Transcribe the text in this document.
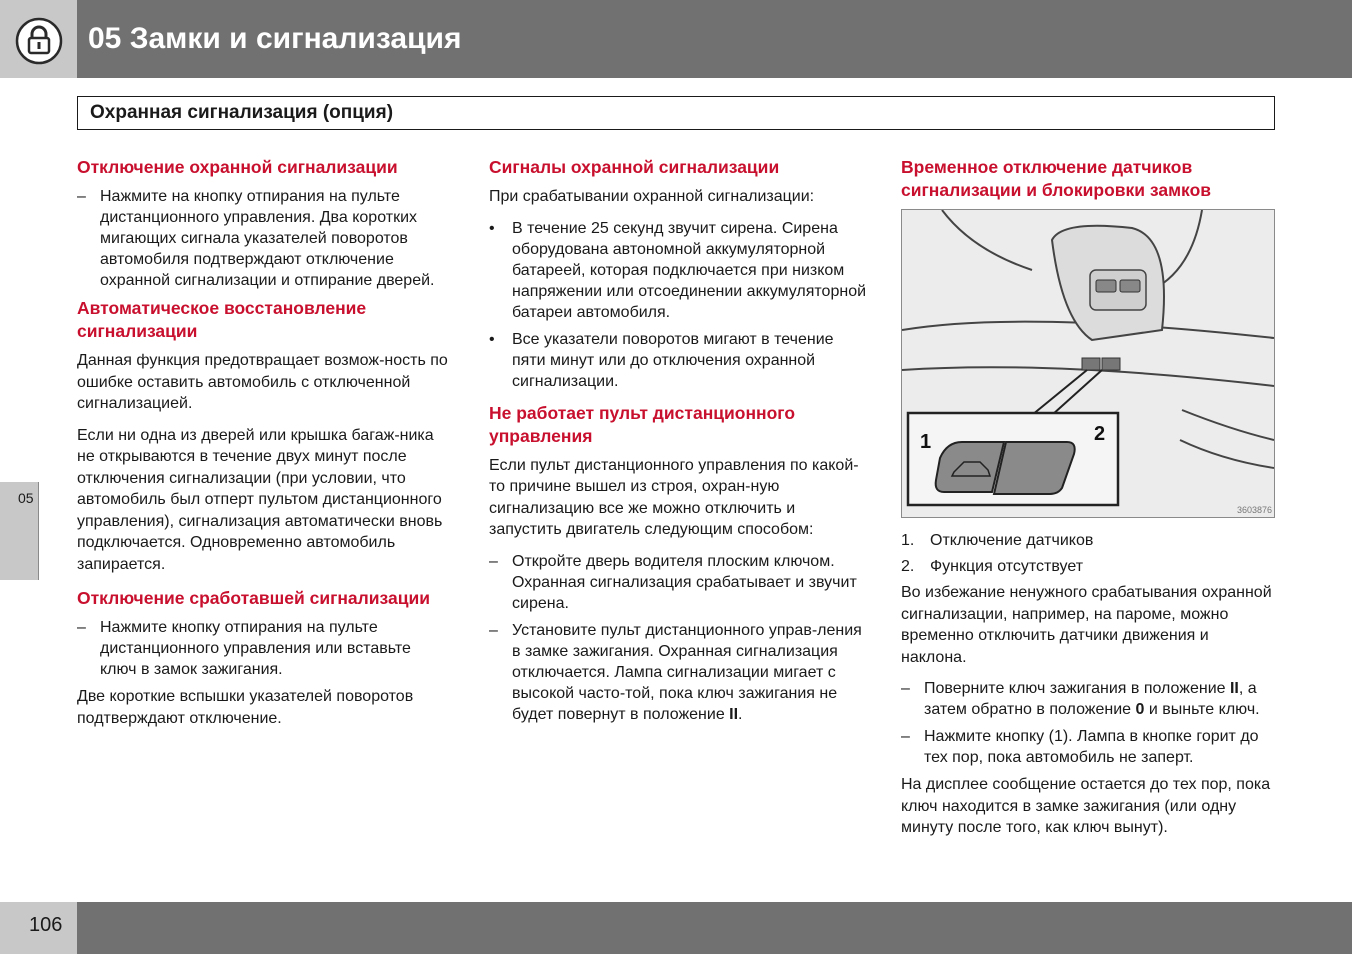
05 Замки и сигнализация
Охранная сигнализация (опция)
05
Отключение охранной сигнализации
– Нажмите на кнопку отпирания на пульте дистанционного управления. Два коротких мигающих сигнала указателей поворотов автомобиля подтверждают отключение охранной сигнализации и отпирание дверей.
Автоматическое восстановление сигнализации

Данная функция предотвращает возмож-ность по ошибке оставить автомобиль с отключенной сигнализацией.

Если ни одна из дверей или крышка багаж-ника не открываются в течение двух минут после отключения сигнализации (при условии, что автомобиль был отперт пультом дистанционного управления), сигнализация автоматически вновь подключается. Одновременно автомобиль запирается.

Отключение сработавшей сигнализации
– Нажмите кнопку отпирания на пульте дистанционного управления или вставьте ключ в замок зажигания.

Две короткие вспышки указателей поворотов подтверждают отключение.

Сигналы охранной сигнализации

При срабатывании охранной сигнализации:

• В течение 25 секунд звучит сирена. Сирена оборудована автономной аккумуляторной батареей, которая подключается при низком напряжении или отсоединении аккумуляторной батареи автомобиля.
• Все указатели поворотов мигают в течение пяти минут или до отключения охранной сигнализации.
Не работает пульт дистанционного управления

Если пульт дистанционного управления по какой-то причине вышел из строя, охран-ную сигнализацию все же можно отключить и запустить двигатель следующим способом:

– Откройте дверь водителя плоским ключом. Охранная сигнализация срабатывает и звучит сирена.
– Установите пульт дистанционного управ-ления в замке зажигания. Охранная сигнализация отключается. Лампа сигнализации мигает с высокой часто-той, пока ключ зажигания не будет повернут в положение II.
Временное отключение датчиков сигнализации и блокировки замков
1	2
3603876
1. Отключение датчиков
2. Функция отсутствует

Во избежание ненужного срабатывания охранной сигнализации, например, на пароме, можно временно отключить датчики движения и наклона.

– Поверните ключ зажигания в положение II, а затем обратно в положение 0 и выньте ключ.
– Нажмите кнопку (1). Лампа в кнопке горит до тех пор, пока автомобиль не заперт.

На дисплее сообщение остается до тех пор, пока ключ находится в замке зажигания (или одну минуту после того, как ключ вынут).

106
